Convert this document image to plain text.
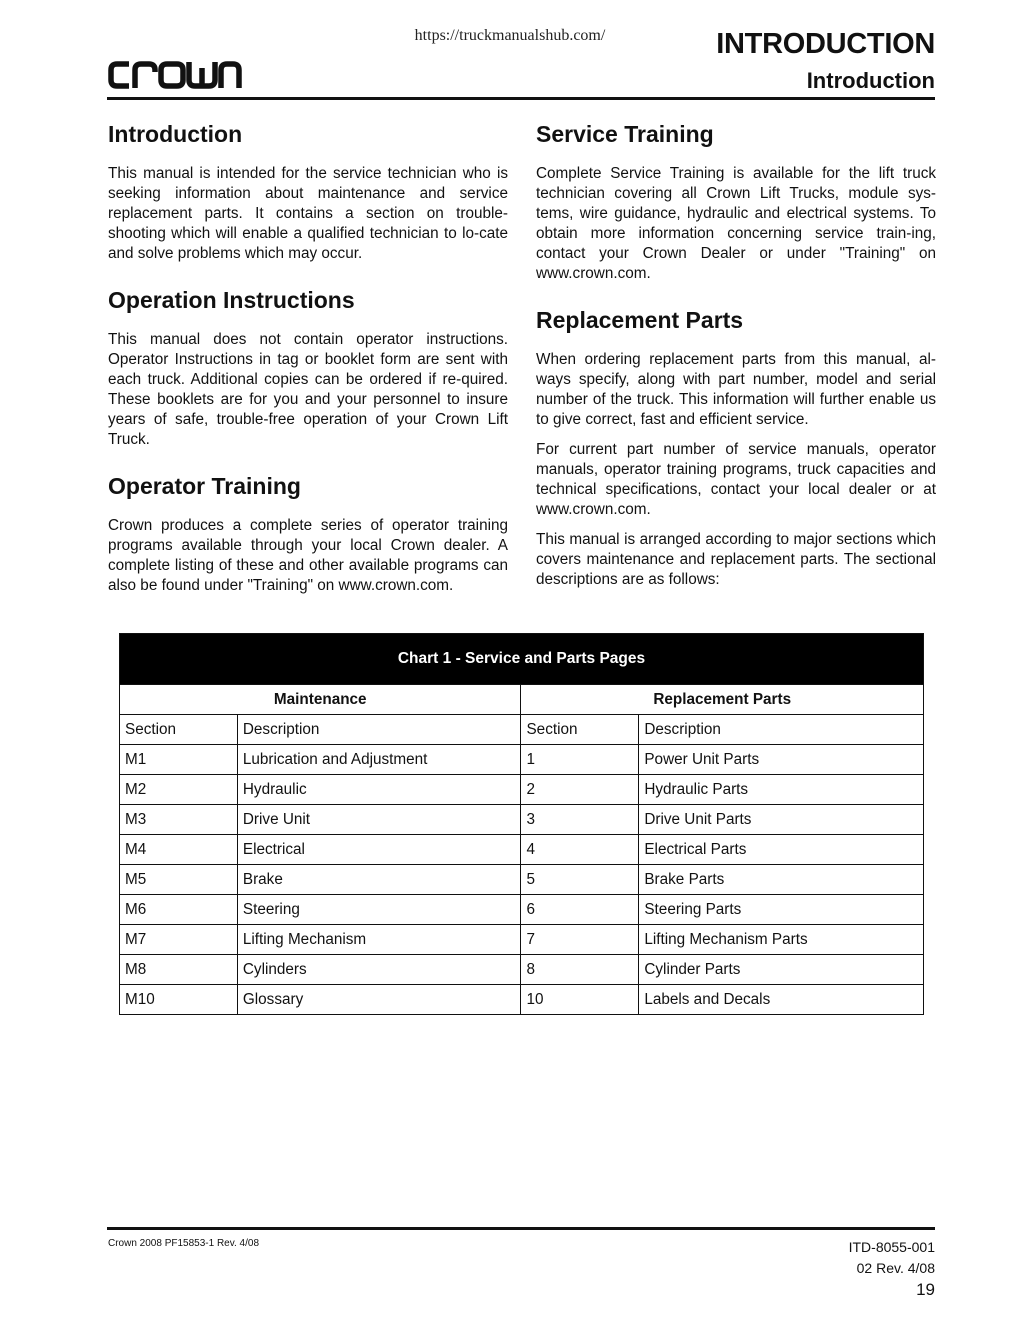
https://truckmanualshub.com/	INTRODUCTION
Introduction
Introduction

This manual is intended for the service technician who is seeking information about maintenance and service replacement parts. It contains a section on trouble-shooting which will enable a qualified technician to lo-cate and solve problems which may occur.

Operation Instructions

This manual does not contain operator instructions. Operator Instructions in tag or booklet form are sent with each truck. Additional copies can be ordered if re-quired. These booklets are for you and your personnel to insure years of safe, trouble-free operation of your Crown Lift Truck.

Operator Training

Crown produces a complete series of operator training programs available through your local Crown dealer. A complete listing of these and other available programs can also be found under "Training" on www.crown.com.

Service Training

Complete Service Training is available for the lift truck technician covering all Crown Lift Trucks, module sys-tems, wire guidance, hydraulic and electrical systems. To obtain more information concerning service train-ing, contact your Crown Dealer or under "Training" on www.crown.com.

Replacement Parts

When ordering replacement parts from this manual, al-ways specify, along with part number, model and serial number of the truck. This information will further enable us to give correct, fast and efficient service.

For current part number of service manuals, operator manuals, operator training programs, truck capacities and technical specifications, contact your local dealer or at www.crown.com.

This manual is arranged according to major sections which covers maintenance and replacement parts. The sectional descriptions are as follows:

Chart 1 - Service and Parts Pages			
Maintenance		Replacement Parts	
Section	Description	Section	Description
M1	Lubrication and Adjustment	1	Power Unit Parts
M2	Hydraulic	2	Hydraulic Parts
M3	Drive Unit	3	Drive Unit Parts
M4	Electrical	4	Electrical Parts
M5	Brake	5	Brake Parts
M6	Steering	6	Steering Parts
M7	Lifting Mechanism	7	Lifting Mechanism Parts
M8	Cylinders	8	Cylinder Parts
M10	Glossary	10	Labels and Decals
Crown 2008 PF15853-1 Rev. 4/08	ITD-8055-001
02 Rev. 4/08
19
